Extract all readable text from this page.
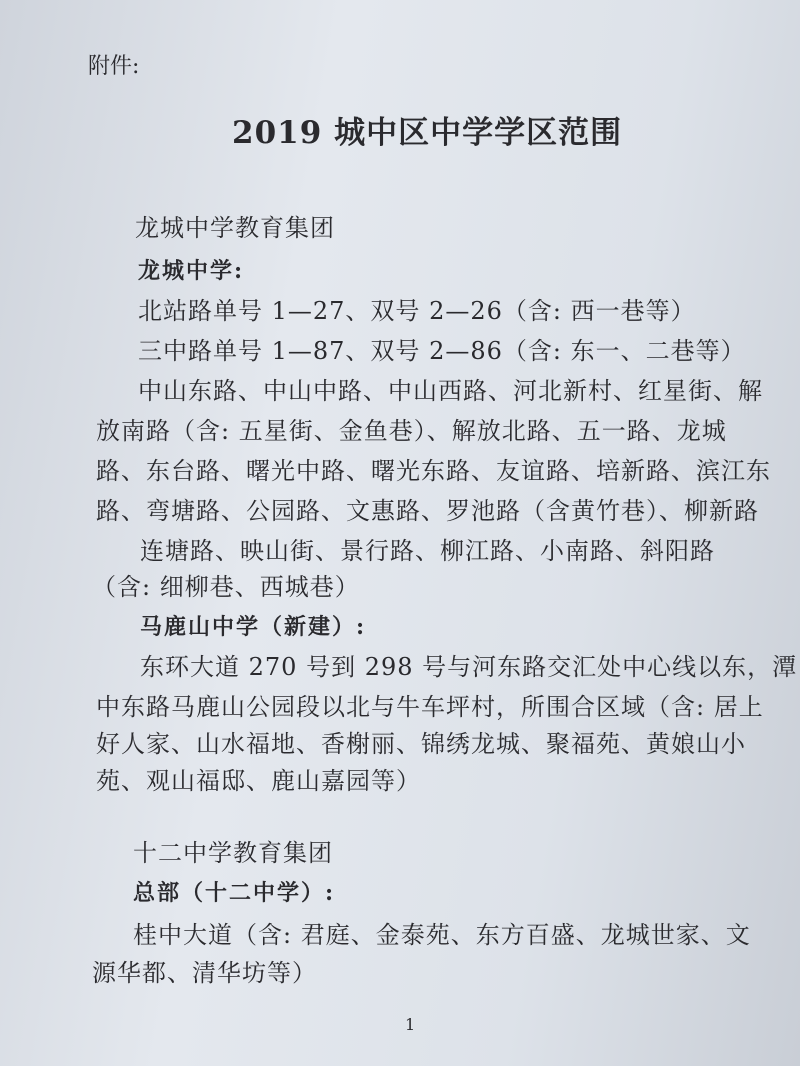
附件:
2019 城中区中学学区范围
龙城中学教育集团
龙城中学:
北站路单号 1—27、双号 2—26（含: 西一巷等）
三中路单号 1—87、双号 2—86（含: 东一、二巷等）
中山东路、中山中路、中山西路、河北新村、红星街、解
放南路（含: 五星街、金鱼巷）、解放北路、五一路、龙城
路、东台路、曙光中路、曙光东路、友谊路、培新路、滨江东
路、弯塘路、公园路、文惠路、罗池路（含黄竹巷）、柳新路
连塘路、映山街、景行路、柳江路、小南路、斜阳路
（含: 细柳巷、西城巷）
马鹿山中学（新建）:
东环大道 270 号到 298 号与河东路交汇处中心线以东，潭
中东路马鹿山公园段以北与牛车坪村，所围合区域（含: 居上
好人家、山水福地、香榭丽、锦绣龙城、聚福苑、黄娘山小
苑、观山福邸、鹿山嘉园等）
十二中学教育集团
总部（十二中学）:
桂中大道（含: 君庭、金泰苑、东方百盛、龙城世家、文
源华都、清华坊等）
1
